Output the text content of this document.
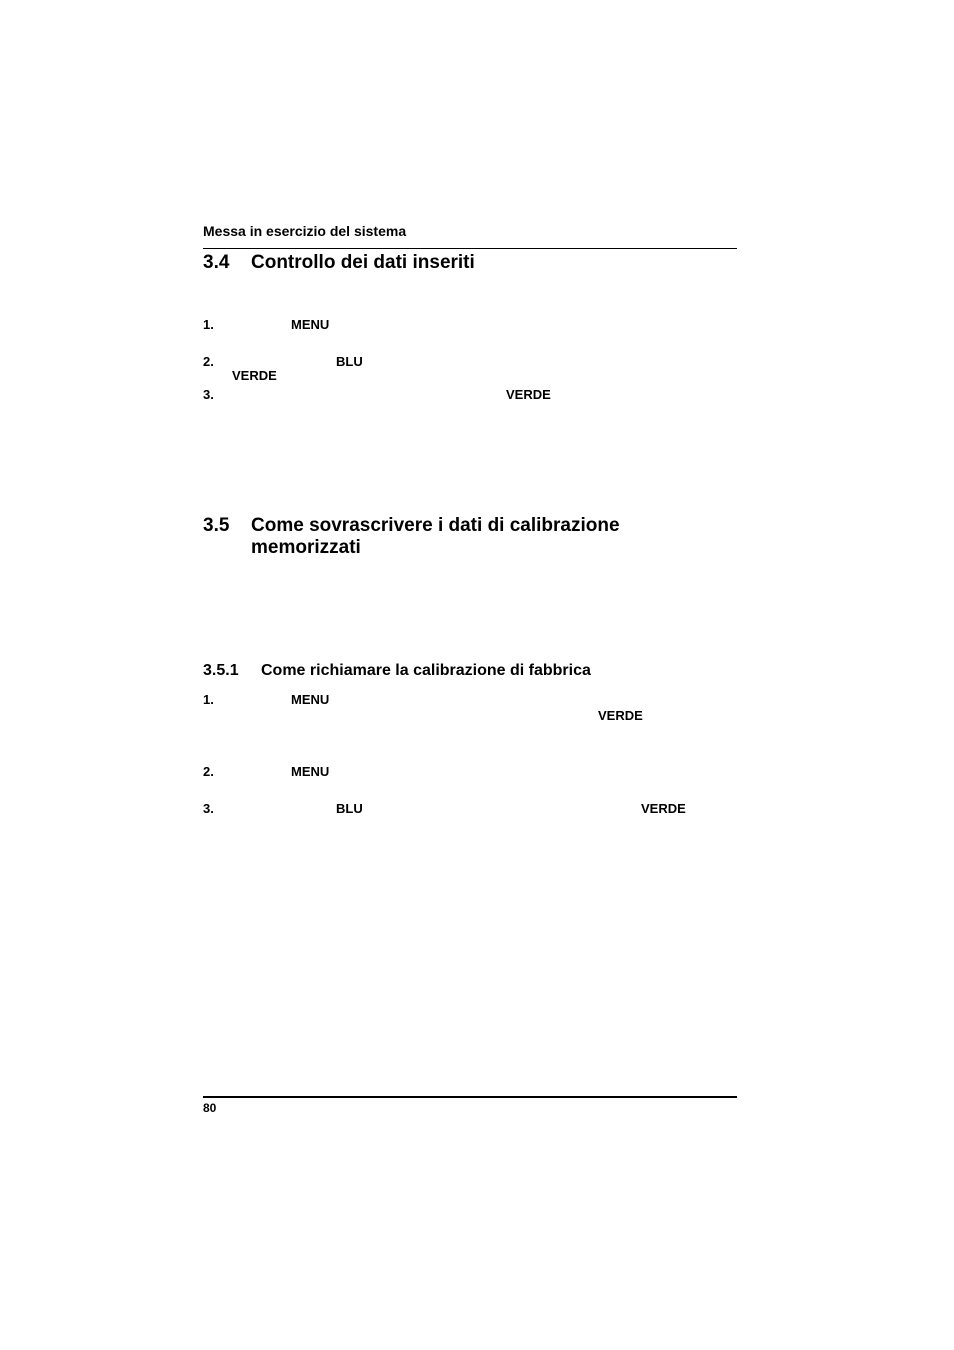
Messa in esercizio del sistema
3.4 Controllo dei dati inseriti
1.	MENU
2.	BLU
VERDE
3.	VERDE
3.5 Come sovrascrivere i dati di calibrazione
memorizzati
3.5.1 Come richiamare la calibrazione di fabbrica
1.	MENU
VERDE
2.	MENU
3.	BLU	VERDE
80
